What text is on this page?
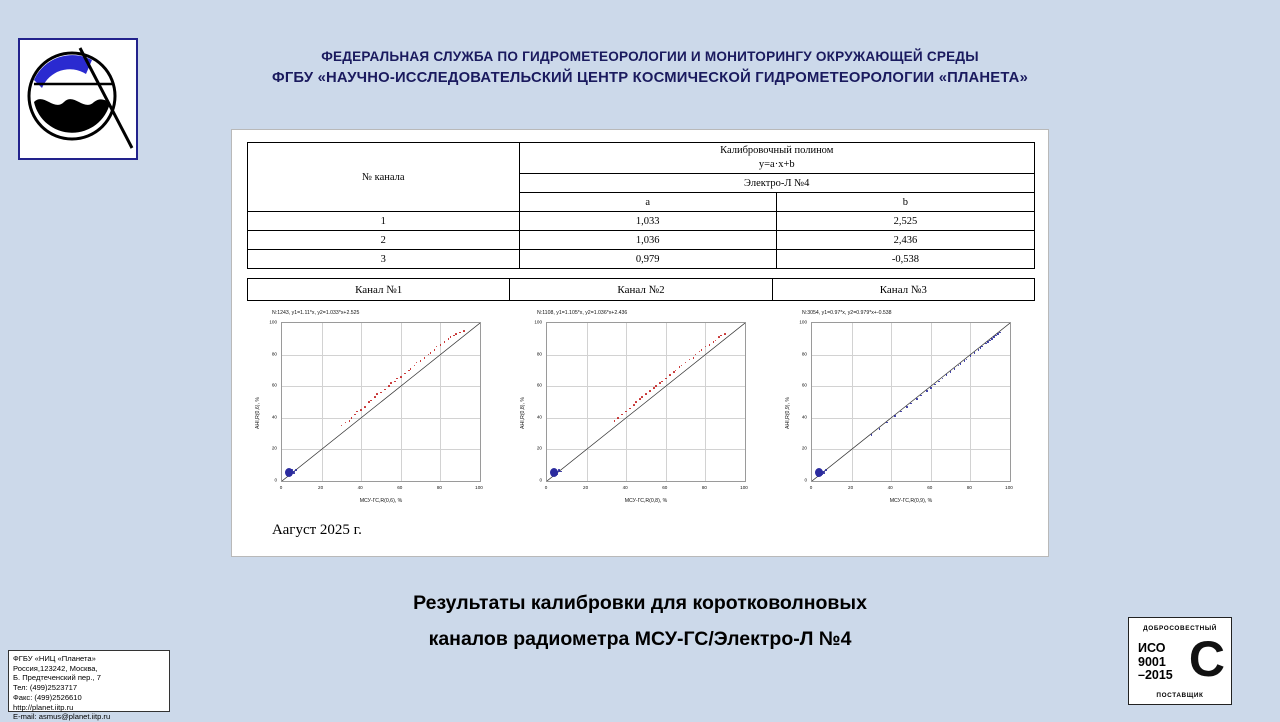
ФЕДЕРАЛЬНАЯ СЛУЖБА ПО ГИДРОМЕТЕОРОЛОГИИ И МОНИТОРИНГУ ОКРУЖАЮЩЕЙ СРЕДЫ
ФГБУ «НАУЧНО-ИССЛЕДОВАТЕЛЬСКИЙ ЦЕНТР КОСМИЧЕСКОЙ ГИДРОМЕТЕОРОЛОГИИ «ПЛАНЕТА»
№ канала	Калибровочный полином
y=a·x+b	

	Электро-Л №4	
	a	b
1	1,033	2,525
2	1,036	2,436
3	0,979	-0,538
Канал №1	Канал №2	Канал №3
N:1243, y1=1.11*x, y2=1.033*x+2.525
АНІ,R(0,6), %
МСУ-ГС,R(0,6), %
0	20	40	60	80	100
0
20
40
60
80
100
N:1108, y1=1.105*x, y2=1.036*x+2.436
АНІ,R(0,8), %
МСУ-ГС,R(0,8), %
0	20	40	60	80	100
0
20
40
60
80
100
N:3054, y1=0.97*x, y2=0.979*x+-0.538
АНІ,R(0,9), %
МСУ-ГС,R(0,9), %
0	20	40	60	80	100
0
20
40
60
80
100
Аагуст 2025 г.
Результаты калибровки для коротковолновых
каналов радиометра МСУ-ГС/Электро-Л №4
ФГБУ «НИЦ «Планета»
Россия,123242, Москва,
Б. Предтеченский пер., 7
Тел: (499)2523717
Факс: (499)2526610
http://planet.iitp.ru
E-mail: asmus@planet.iitp.ru
ДОБРОСОВЕСТНЫЙ
C
ИСО
9001
–2015
ПОСТАВЩИК
